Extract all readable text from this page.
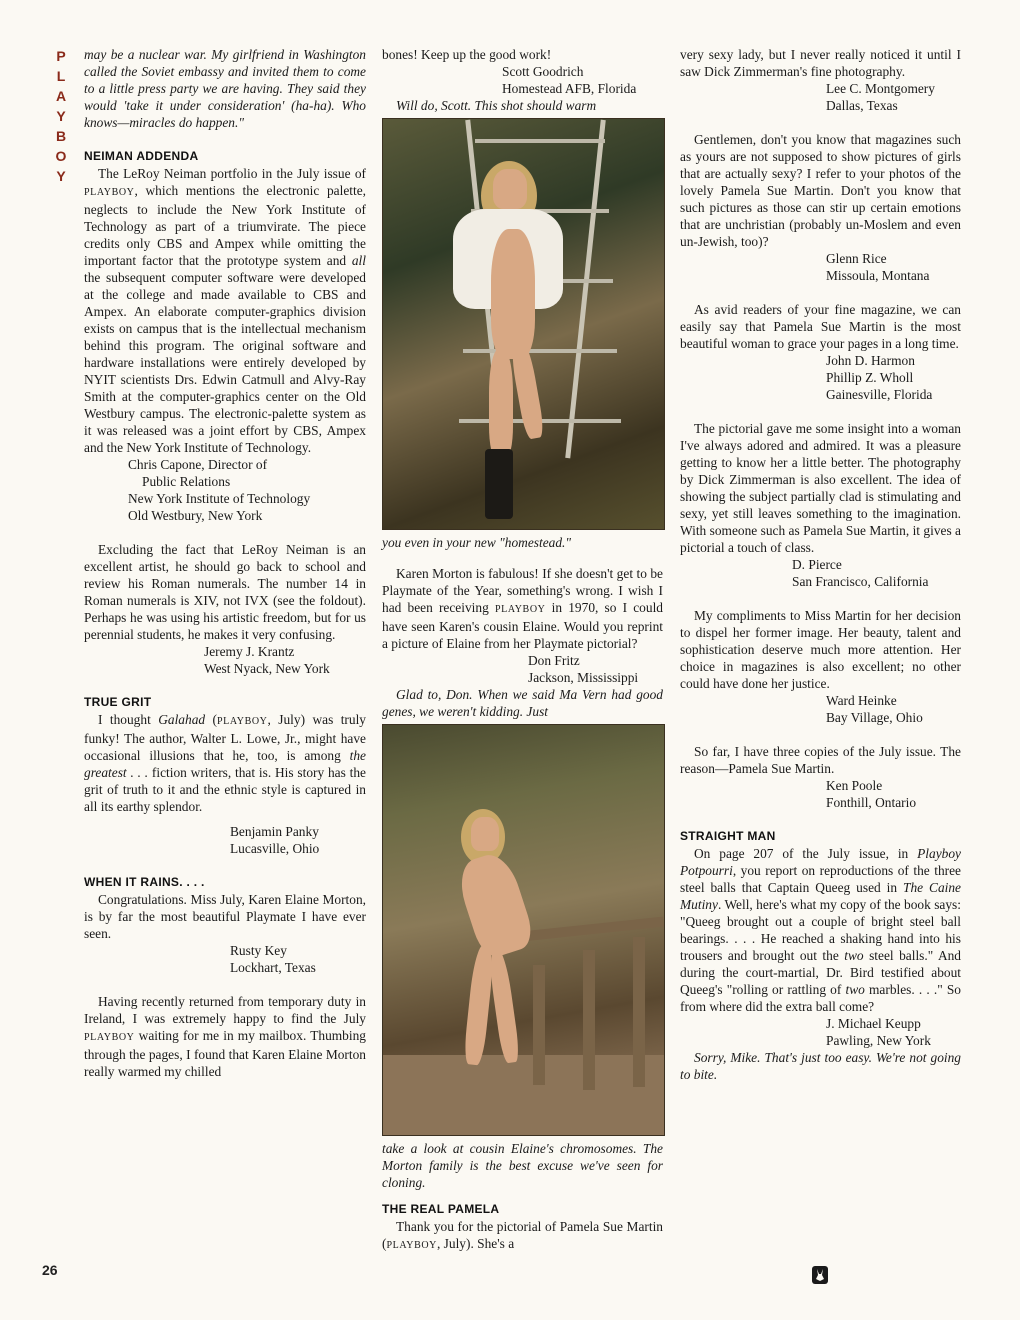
P
L
A
Y
B
O
Y

may be a nuclear war. My girlfriend in Washington called the Soviet embassy and invited them to come to a little press party we are having. They said they would 'take it under consideration' (ha-ha). Who knows—miracles do happen."

NEIMAN ADDENDA

The LeRoy Neiman portfolio in the July issue of PLAYBOY, which mentions the electronic palette, neglects to include the New York Institute of Technology as part of a triumvirate. The piece credits only CBS and Ampex while omitting the important factor that the prototype system and all the subsequent computer software were developed at the college and made available to CBS and Ampex. An elaborate computer-graphics division exists on campus that is the intellectual mechanism behind this program. The original software and hardware installations were entirely developed by NYIT scientists Drs. Edwin Catmull and Alvy-Ray Smith at the computer-graphics center on the Old Westbury campus. The electronic-palette system as it was released was a joint effort by CBS, Ampex and the New York Institute of Technology.

Chris Capone, Director of
Public Relations
New York Institute of Technology
Old Westbury, New York

Excluding the fact that LeRoy Neiman is an excellent artist, he should go back to school and review his Roman numerals. The number 14 in Roman numerals is XIV, not IVX (see the foldout). Perhaps he was using his artistic freedom, but for us perennial students, he makes it very confusing.

Jeremy J. Krantz
West Nyack, New York
TRUE GRIT

I thought Galahad (PLAYBOY, July) was truly funky! The author, Walter L. Lowe, Jr., might have occasional illusions that he, too, is among the greatest . . . fiction writers, that is. His story has the grit of truth to it and the ethnic style is captured in all its earthy splendor.

Benjamin Panky
Lucasville, Ohio
WHEN IT RAINS. . . .

Congratulations. Miss July, Karen Elaine Morton, is by far the most beautiful Playmate I have ever seen.

Rusty Key
Lockhart, Texas

Having recently returned from temporary duty in Ireland, I was extremely happy to find the July PLAYBOY waiting for me in my mailbox. Thumbing through the pages, I found that Karen Elaine Morton really warmed my chilled

bones! Keep up the good work!

Scott Goodrich
Homestead AFB, Florida

Will do, Scott. This shot should warm

you even in your new "homestead."

Karen Morton is fabulous! If she doesn't get to be Playmate of the Year, something's wrong. I wish I had been receiving PLAYBOY in 1970, so I could have seen Karen's cousin Elaine. Would you reprint a picture of Elaine from her Playmate pictorial?

Don Fritz
Jackson, Mississippi

Glad to, Don. When we said Ma Vern had good genes, we weren't kidding. Just

take a look at cousin Elaine's chromosomes. The Morton family is the best excuse we've seen for cloning.

THE REAL PAMELA

Thank you for the pictorial of Pamela Sue Martin (PLAYBOY, July). She's a

very sexy lady, but I never really noticed it until I saw Dick Zimmerman's fine photography.

Lee C. Montgomery
Dallas, Texas

Gentlemen, don't you know that magazines such as yours are not supposed to show pictures of girls that are actually sexy? I refer to your photos of the lovely Pamela Sue Martin. Don't you know that such pictures as those can stir up certain emotions that are unchristian (probably un-Moslem and even un-Jewish, too)?

Glenn Rice
Missoula, Montana

As avid readers of your fine magazine, we can easily say that Pamela Sue Martin is the most beautiful woman to grace your pages in a long time.

John D. Harmon
Phillip Z. Wholl
Gainesville, Florida

The pictorial gave me some insight into a woman I've always adored and admired. It was a pleasure getting to know her a little better. The photography by Dick Zimmerman is also excellent. The idea of showing the subject partially clad is stimulating and sexy, yet still leaves something to the imagination. With someone such as Pamela Sue Martin, it gives a pictorial a touch of class.

D. Pierce
San Francisco, California

My compliments to Miss Martin for her decision to dispel her former image. Her beauty, talent and sophistication deserve much more attention. Her choice in magazines is also excellent; no other could have done her justice.

Ward Heinke
Bay Village, Ohio

So far, I have three copies of the July issue. The reason—Pamela Sue Martin.

Ken Poole
Fonthill, Ontario
STRAIGHT MAN

On page 207 of the July issue, in Playboy Potpourri, you report on reproductions of the three steel balls that Captain Queeg used in The Caine Mutiny. Well, here's what my copy of the book says: "Queeg brought out a couple of bright steel ball bearings. . . . He reached a shaking hand into his trousers and brought out the two steel balls." And during the court-martial, Dr. Bird testified about Queeg's "rolling or rattling of two marbles. . . ." So from where did the extra ball come?

J. Michael Keupp
Pawling, New York

Sorry, Mike. That's just too easy. We're not going to bite.

26
